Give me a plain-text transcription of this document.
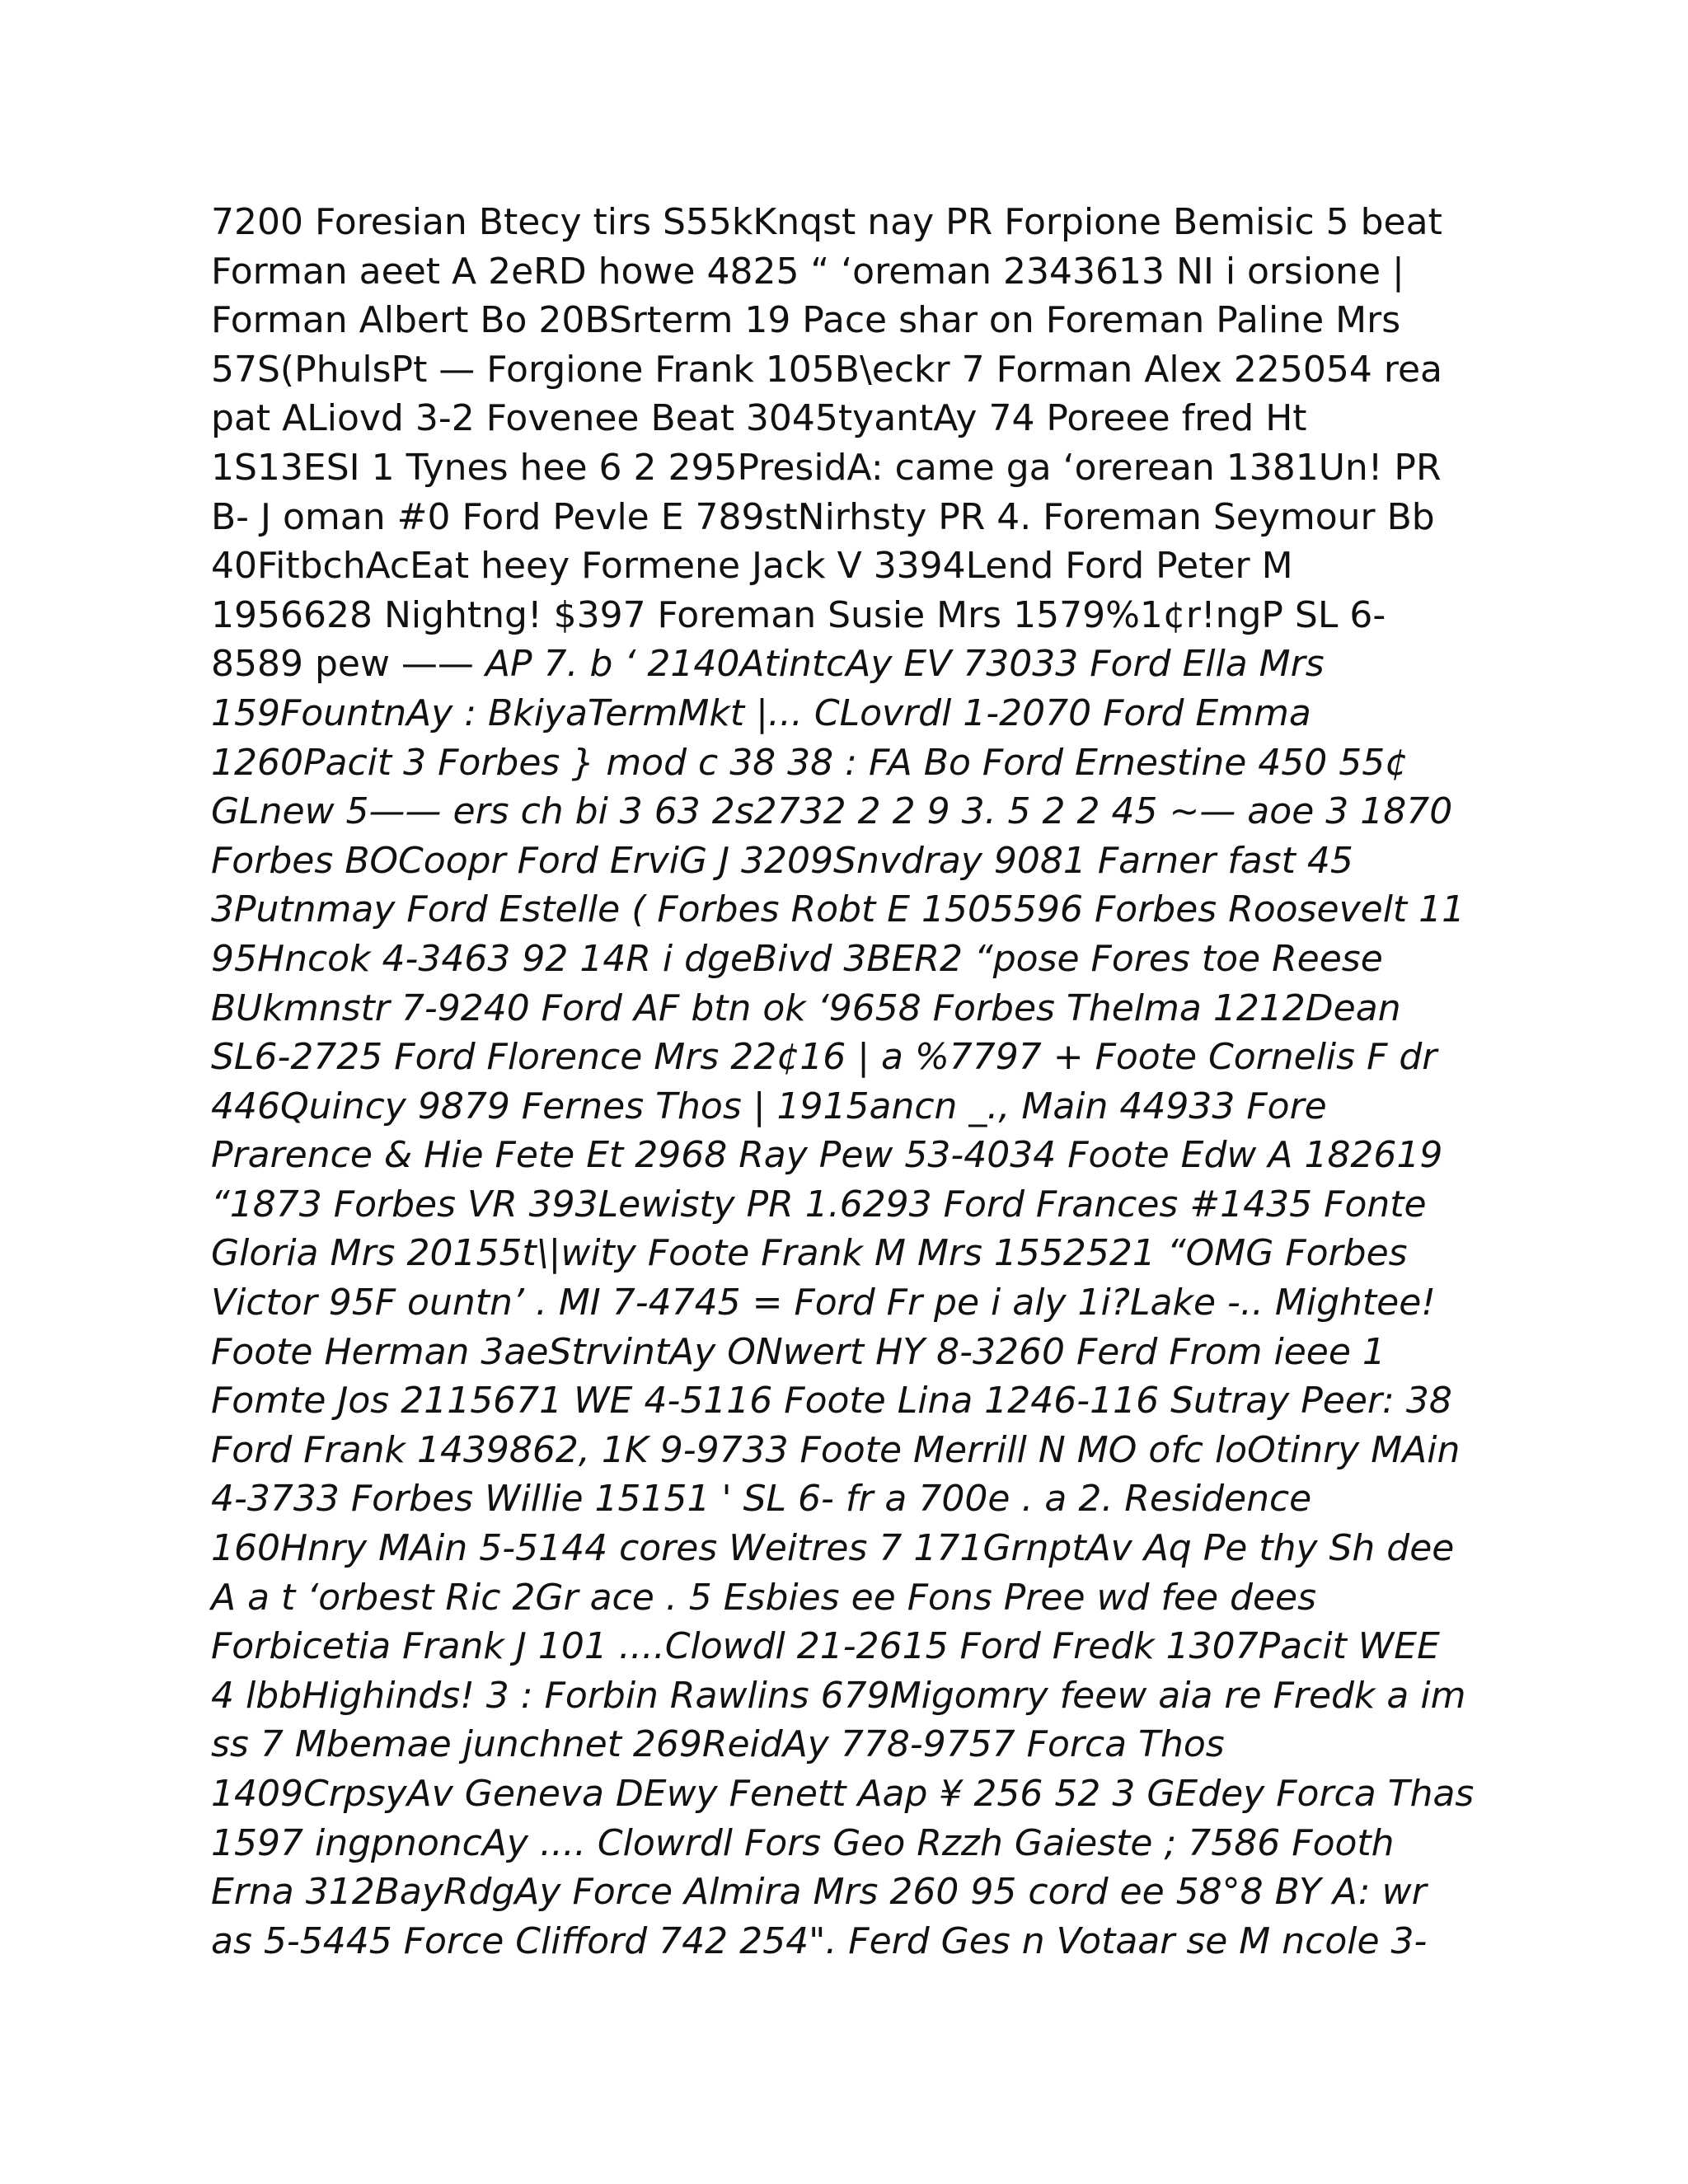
7200 Foresian Btecy tirs S55kKnqst nay PR Forpione Bemisic 5 beat
Forman aeet A 2eRD howe 4825 “ ‘oreman 2343613 NI i orsione |
Forman Albert Bo 20BSrterm 19 Pace shar on Foreman Paline Mrs
57S(PhulsPt — Forgione Frank 105B\eckr 7 Forman Alex 225054 rea
pat ALiovd 3-2 Fovenee Beat 3045tyantAy 74 Poreee fred Ht
1S13ESI 1 Tynes hee 6 2 295PresidA: came ga ‘orerean 1381Un! PR
B- J oman #0 Ford Pevle E 789stNirhsty PR 4. Foreman Seymour Bb
40FitbchAcEat heey Formene Jack V 3394Lend Ford Peter M
1956628 Nightng! $397 Foreman Susie Mrs 1579%1¢r!ngP SL 6-
8589 pew —— AP 7. b ‘ 2140AtintcAy EV 73033 Ford Ella Mrs
159FountnAy : BkiyaTermMkt |... CLovrdl 1-2070 Ford Emma
1260Pacit 3 Forbes } mod c 38 38 : FA Bo Ford Ernestine 450 55¢
GLnew 5—— ers ch bi 3 63 2s2732 2 2 9 3. 5 2 2 45 ~— aoe 3 1870
Forbes BOCoopr Ford ErviG J 3209Snvdray 9081 Farner fast 45
3Putnmay Ford Estelle ( Forbes Robt E 1505596 Forbes Roosevelt 11
95Hncok 4-3463 92 14R i dgeBivd 3BER2 “pose Fores toe Reese
BUkmnstr 7-9240 Ford AF btn ok ‘9658 Forbes Thelma 1212Dean
SL6-2725 Ford Florence Mrs 22¢16 | a %7797 + Foote Cornelis F dr
446Quincy 9879 Fernes Thos | 1915ancn _., Main 44933 Fore
Prarence & Hie Fete Et 2968 Ray Pew 53-4034 Foote Edw A 182619
“1873 Forbes VR 393Lewisty PR 1.6293 Ford Frances #1435 Fonte
Gloria Mrs 20155t\|wity Foote Frank M Mrs 1552521 “OMG Forbes
Victor 95F ountn’ . MI 7-4745 = Ford Fr pe i aly 1i?Lake -.. Mightee!
Foote Herman 3aeStrvintAy ONwert HY 8-3260 Ferd From ieee 1
Fomte Jos 2115671 WE 4-5116 Foote Lina 1246-116 Sutray Peer: 38
Ford Frank 1439862, 1K 9-9733 Foote Merrill N MO ofc loOtinry MAin
4-3733 Forbes Willie 15151 ' SL 6- fr a 700e . a 2. Residence
160Hnry MAin 5-5144 cores Weitres 7 171GrnptAv Aq Pe thy Sh dee
A a t ‘orbest Ric 2Gr ace . 5 Esbies ee Fons Pree wd fee dees
Forbicetia Frank J 101 ....Clowdl 21-2615 Ford Fredk 1307Pacit WEE
4 lbbHighinds! 3 : Forbin Rawlins 679Migomry feew aia re Fredk a im
ss 7 Mbemae junchnet 269ReidAy 778-9757 Forca Thos
1409CrpsyAv Geneva DEwy Fenett Aap ¥ 256 52 3 GEdey Forca Thas
1597 ingpnoncAy .... Clowrdl Fors Geo Rzzh Gaieste ; 7586 Footh
Erna 312BayRdgAy Force Almira Mrs 260 95 cord ee 58°8 BY A: wr
as 5-5445 Force Clifford 742 254". Ferd Ges n Votaar se M ncole 3-
